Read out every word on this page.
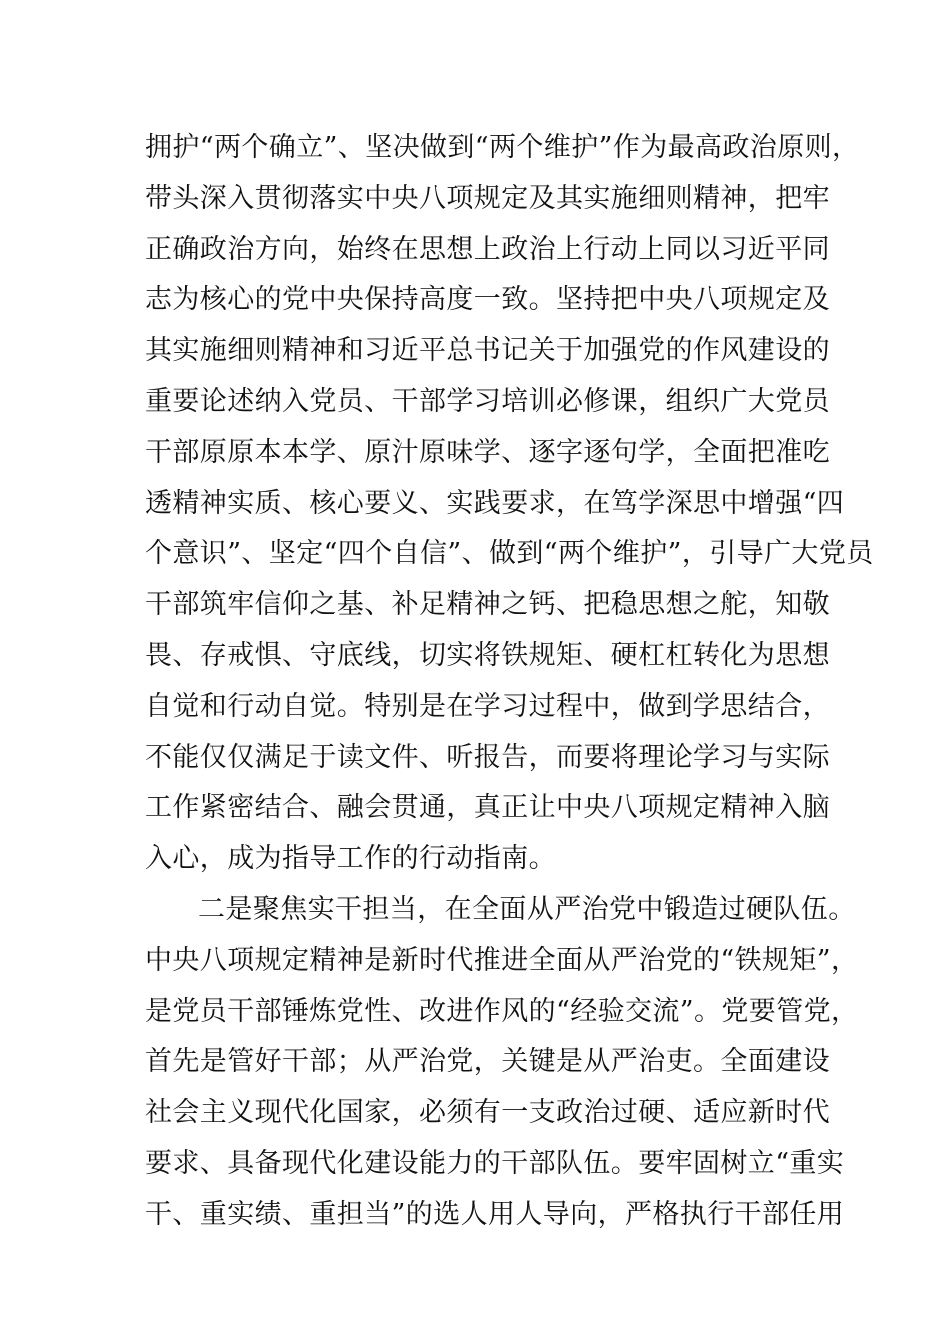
拥护“两个确立”、坚决做到“两个维护”作为最高政治原则，
带头深入贯彻落实中央八项规定及其实施细则精神，把牢
正确政治方向，始终在思想上政治上行动上同以习近平同
志为核心的党中央保持高度一致。坚持把中央八项规定及
其实施细则精神和习近平总书记关于加强党的作风建设的
重要论述纳入党员、干部学习培训必修课，组织广大党员
干部原原本本学、原汁原味学、逐字逐句学，全面把准吃
透精神实质、核心要义、实践要求，在笃学深思中增强“四
个意识”、坚定“四个自信”、做到“两个维护”，引导广大党员
干部筑牢信仰之基、补足精神之钙、把稳思想之舵，知敬
畏、存戒惧、守底线，切实将铁规矩、硬杠杠转化为思想
自觉和行动自觉。特别是在学习过程中，做到学思结合，
不能仅仅满足于读文件、听报告，而要将理论学习与实际
工作紧密结合、融会贯通，真正让中央八项规定精神入脑
入心，成为指导工作的行动指南。
二是聚焦实干担当，在全面从严治党中锻造过硬队伍。
中央八项规定精神是新时代推进全面从严治党的“铁规矩”，
是党员干部锤炼党性、改进作风的“经验交流”。党要管党，
首先是管好干部；从严治党，关键是从严治吏。全面建设
社会主义现代化国家，必须有一支政治过硬、适应新时代
要求、具备现代化建设能力的干部队伍。要牢固树立“重实
干、重实绩、重担当”的选人用人导向，严格执行干部任用
